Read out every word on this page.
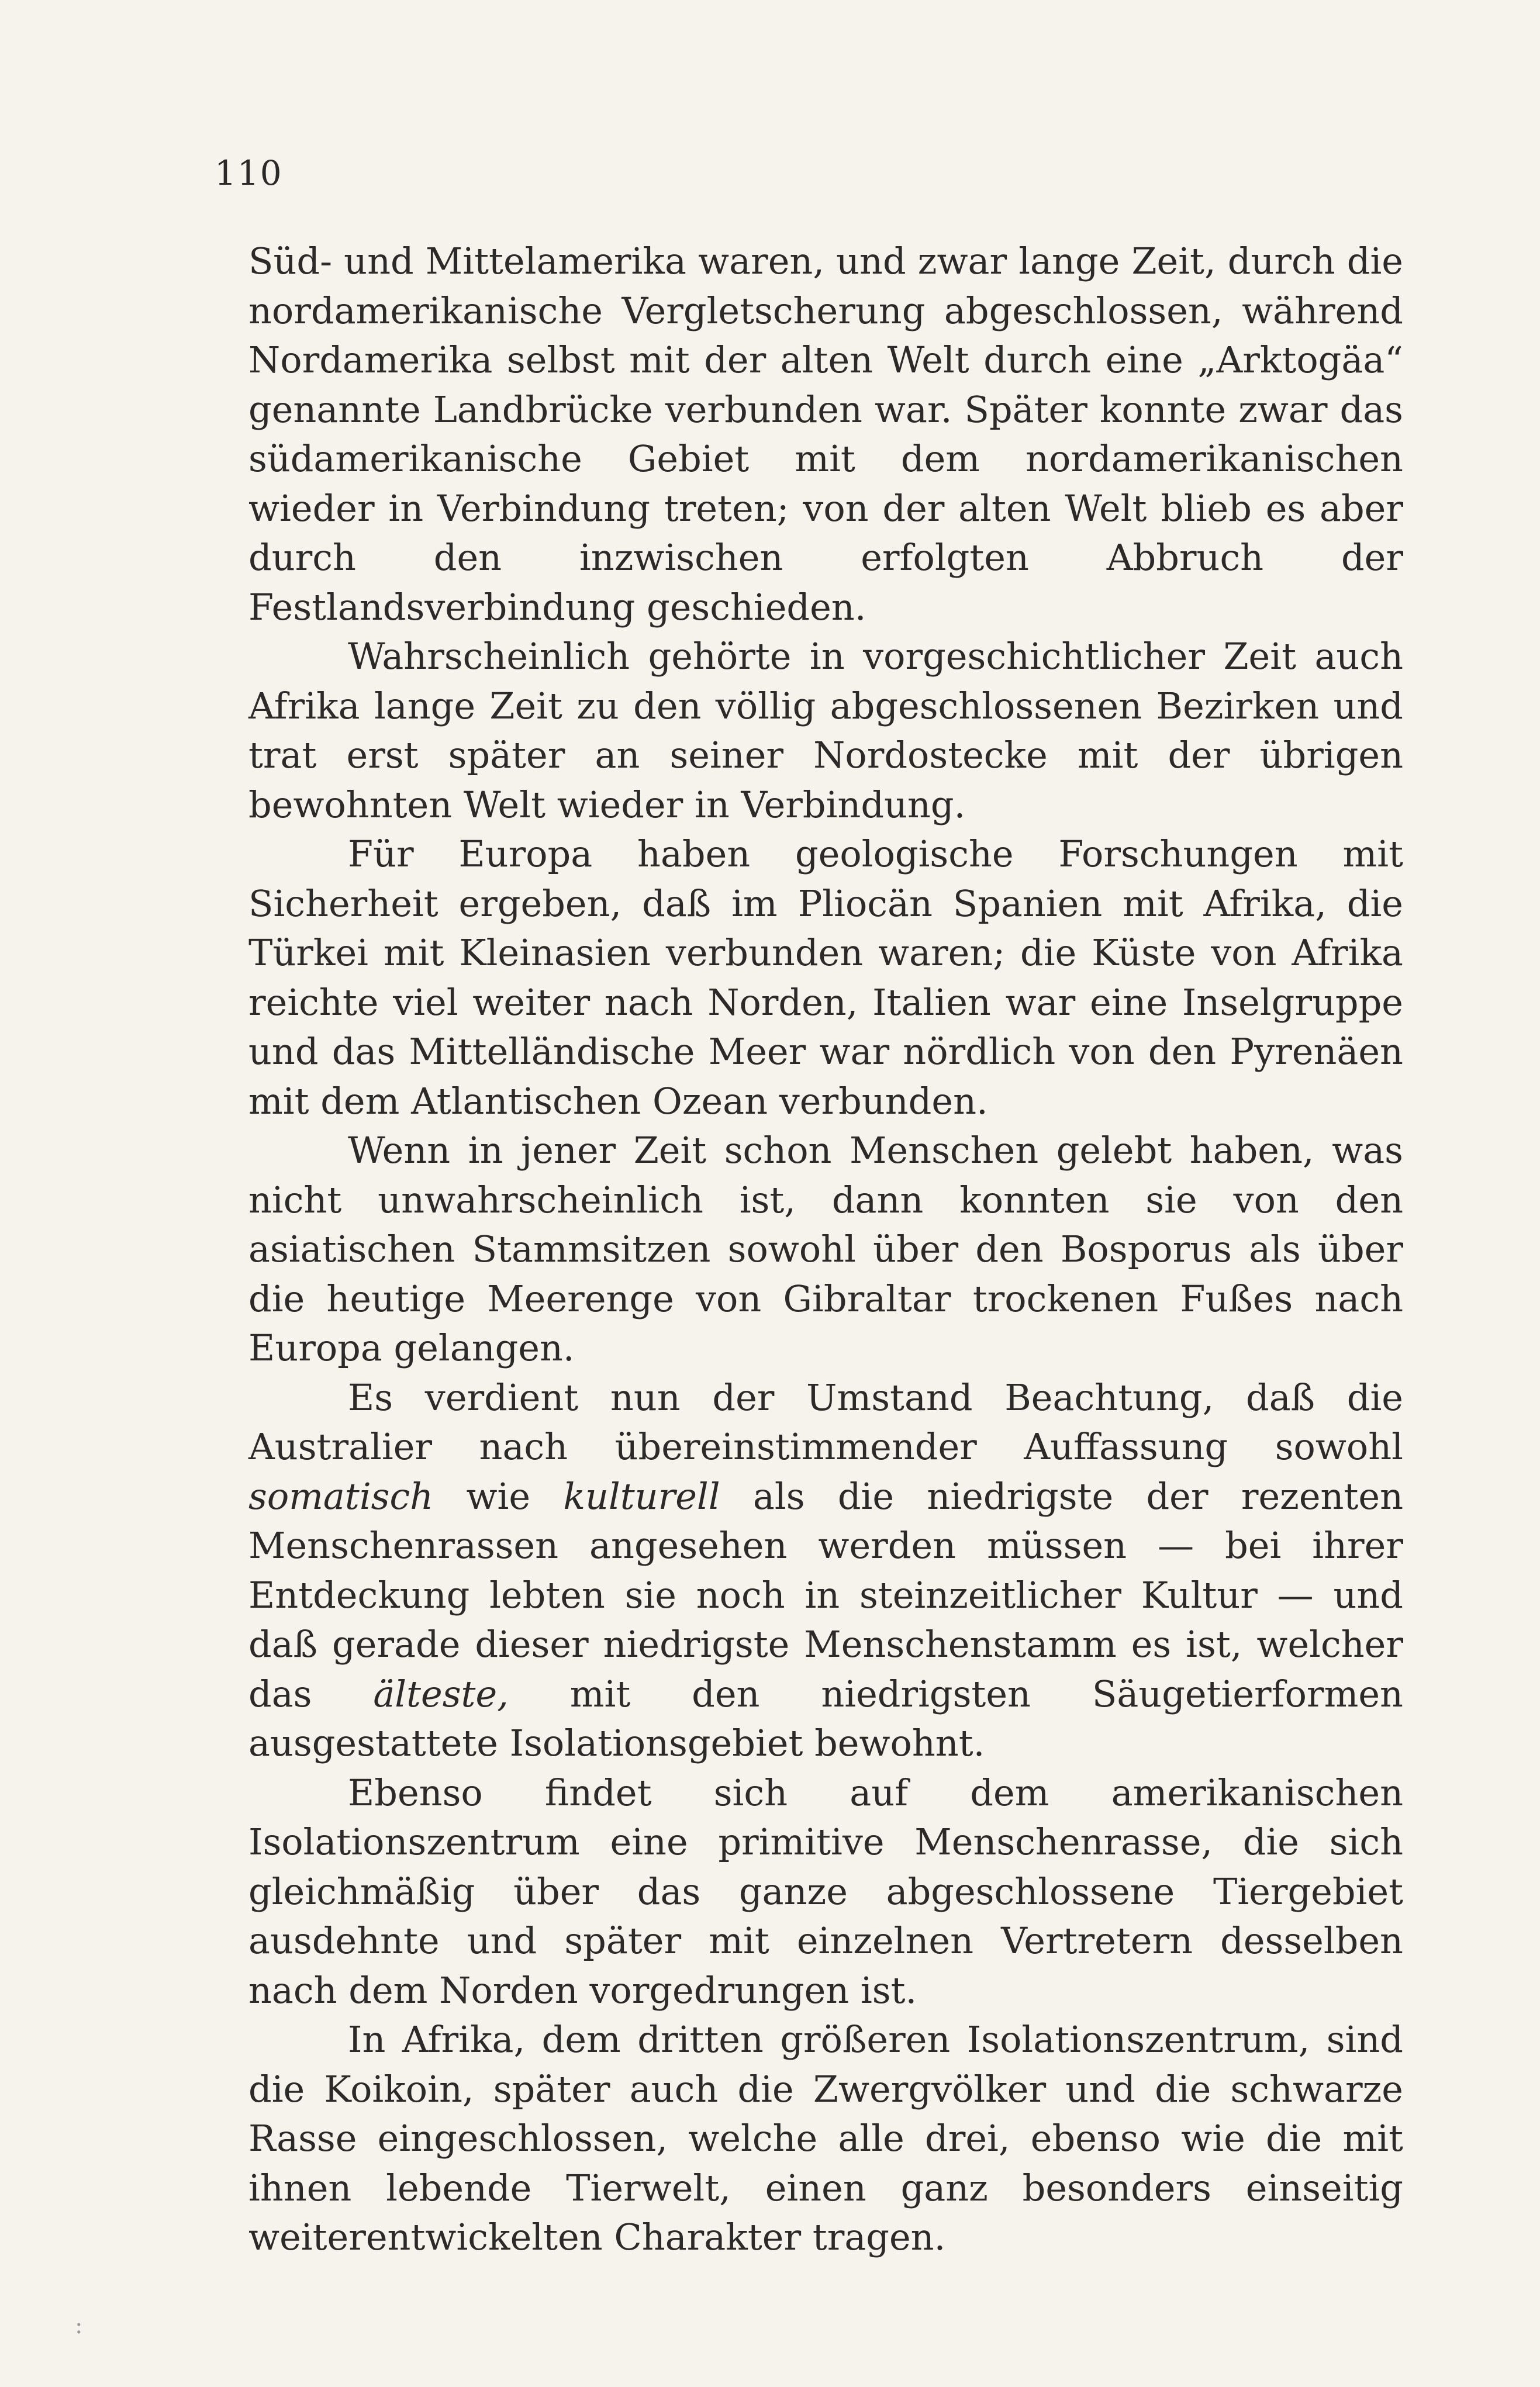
110

Süd- und Mittelamerika waren, und zwar lange Zeit, durch die nordamerikanische Vergletscherung abgeschlossen, während Nordamerika selbst mit der alten Welt durch eine „Arktogäa“ genannte Landbrücke verbunden war. Später konnte zwar das südamerikanische Gebiet mit dem nordamerikanischen wieder in Verbindung treten; von der alten Welt blieb es aber durch den inzwischen erfolgten Abbruch der Festlandsverbindung geschieden.

Wahrscheinlich gehörte in vorgeschichtlicher Zeit auch Afrika lange Zeit zu den völlig abgeschlossenen Bezirken und trat erst später an seiner Nordostecke mit der übrigen bewohnten Welt wieder in Verbindung.

Für Europa haben geologische Forschungen mit Sicherheit ergeben, daß im Pliocän Spanien mit Afrika, die Türkei mit Kleinasien verbunden waren; die Küste von Afrika reichte viel weiter nach Norden, Italien war eine Inselgruppe und das Mittelländische Meer war nördlich von den Pyrenäen mit dem Atlantischen Ozean verbunden.

Wenn in jener Zeit schon Menschen gelebt haben, was nicht unwahrscheinlich ist, dann konnten sie von den asiatischen Stammsitzen sowohl über den Bosporus als über die heutige Meerenge von Gibraltar trockenen Fußes nach Europa gelangen.

Es verdient nun der Umstand Beachtung, daß die Australier nach übereinstimmender Auffassung sowohl somatisch wie kulturell als die niedrigste der rezenten Menschenrassen angesehen werden müssen — bei ihrer Entdeckung lebten sie noch in steinzeitlicher Kultur — und daß gerade dieser niedrigste Menschenstamm es ist, welcher das älteste, mit den niedrigsten Säugetierformen ausgestattete Isolationsgebiet bewohnt.

Ebenso findet sich auf dem amerikanischen Isolationszentrum eine primitive Menschenrasse, die sich gleichmäßig über das ganze abgeschlossene Tiergebiet ausdehnte und später mit einzelnen Vertretern desselben nach dem Norden vorgedrungen ist.

In Afrika, dem dritten größeren Isolationszentrum, sind die Koikoin, später auch die Zwergvölker und die schwarze Rasse eingeschlossen, welche alle drei, ebenso wie die mit ihnen lebende Tierwelt, einen ganz besonders einseitig weiterentwickelten Charakter tragen.

:
